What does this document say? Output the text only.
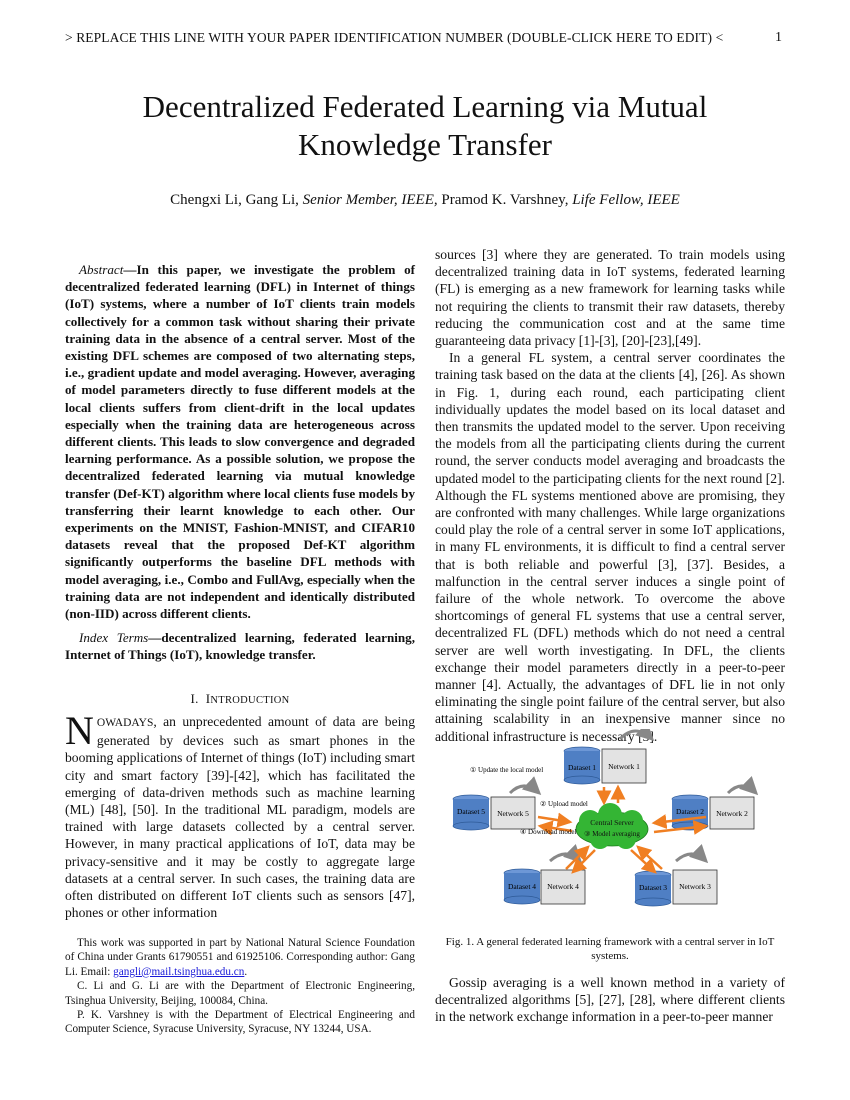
> REPLACE THIS LINE WITH YOUR PAPER IDENTIFICATION NUMBER (DOUBLE-CLICK HERE TO EDIT) <	1
Decentralized Federated Learning via Mutual
Knowledge Transfer
Chengxi Li, Gang Li, Senior Member, IEEE, Pramod K. Varshney, Life Fellow, IEEE

Abstract—In this paper, we investigate the problem of decentralized federated learning (DFL) in Internet of things (IoT) systems, where a number of IoT clients train models collectively for a common task without sharing their private training data in the absence of a central server. Most of the existing DFL schemes are composed of two alternating steps, i.e., gradient update and model averaging. However, averaging of model parameters directly to fuse different models at the local clients suffers from client-drift in the local updates especially when the training data are heterogeneous across different clients. This leads to slow convergence and degraded learning performance. As a possible solution, we propose the decentralized federated learning via mutual knowledge transfer (Def-KT) algorithm where local clients fuse models by transferring their learnt knowledge to each other. Our experiments on the MNIST, Fashion-MNIST, and CIFAR10 datasets reveal that the proposed Def-KT algorithm significantly outperforms the baseline DFL methods with model averaging, i.e., Combo and FullAvg, especially when the training data are not independent and identically distributed (non-IID) across different clients.

Index Terms—decentralized learning, federated learning, Internet of Things (IoT), knowledge transfer.

I. INTRODUCTION

NOWADAYS, an unprecedented amount of data are being generated by devices such as smart phones in the booming applications of Internet of things (IoT) including smart city and smart factory [39]-[42], which has facilitated the emerging of data-driven methods such as machine learning (ML) [48], [50]. In the traditional ML paradigm, models are trained with large datasets collected by a central server. However, in many practical applications of IoT, data may be privacy-sensitive and it may be costly to aggregate large datasets at a central server. In such cases, the training data are often distributed on different IoT clients such as sensors [47], phones or other information

This work was supported in part by National Natural Science Foundation of China under Grants 61790551 and 61925106. Corresponding author: Gang Li. Email: gangli@mail.tsinghua.edu.cn.

C. Li and G. Li are with the Department of Electronic Engineering, Tsinghua University, Beijing, 100084, China.

P. K. Varshney is with the Department of Electrical Engineering and Computer Science, Syracuse University, Syracuse, NY 13244, USA.

sources [3] where they are generated. To train models using decentralized training data in IoT systems, federated learning (FL) is emerging as a new framework for learning tasks while not requiring the clients to transmit their raw datasets, thereby reducing the communication cost and at the same time guaranteeing data privacy [1]-[3], [20]-[23],[49].

In a general FL system, a central server coordinates the training task based on the data at the clients [4], [26]. As shown in Fig. 1, during each round, each participating client individually updates the model based on its local dataset and then transmits the updated model to the server. Upon receiving the models from all the participating clients during the current round, the server conducts model averaging and broadcasts the updated model to the participating clients for the next round [2]. Although the FL systems mentioned above are promising, they are confronted with many challenges. While large organizations could play the role of a central server in some IoT applications, in many FL environments, it is difficult to find a central server that is both reliable and powerful [3], [37]. Besides, a malfunction in the central server induces a single point of failure of the whole network. To overcome the above shortcomings of general FL systems that use a central server, decentralized FL (DFL) methods which do not need a central server are well worth investigating. In DFL, the clients exchange their model parameters directly in a peer-to-peer manner [4]. Actually, the advantages of DFL lie in not only eliminating the single point failure of the central server, but also attaining scalability in an inexpensive manner since no additional infrastructure is necessary [3].

Dataset 1 Network 1
Dataset 5 Network 5	Dataset 2 Network 2
Dataset 4 Network 4	Dataset 3 Network 3
Central Server
③ Model averaging
① Update the local model
② Upload model
④ Download model
Fig. 1. A general federated learning framework with a central server in IoT systems.

Gossip averaging is a well known method in a variety of decentralized algorithms [5], [27], [28], where different clients in the network exchange information in a peer-to-peer manner
